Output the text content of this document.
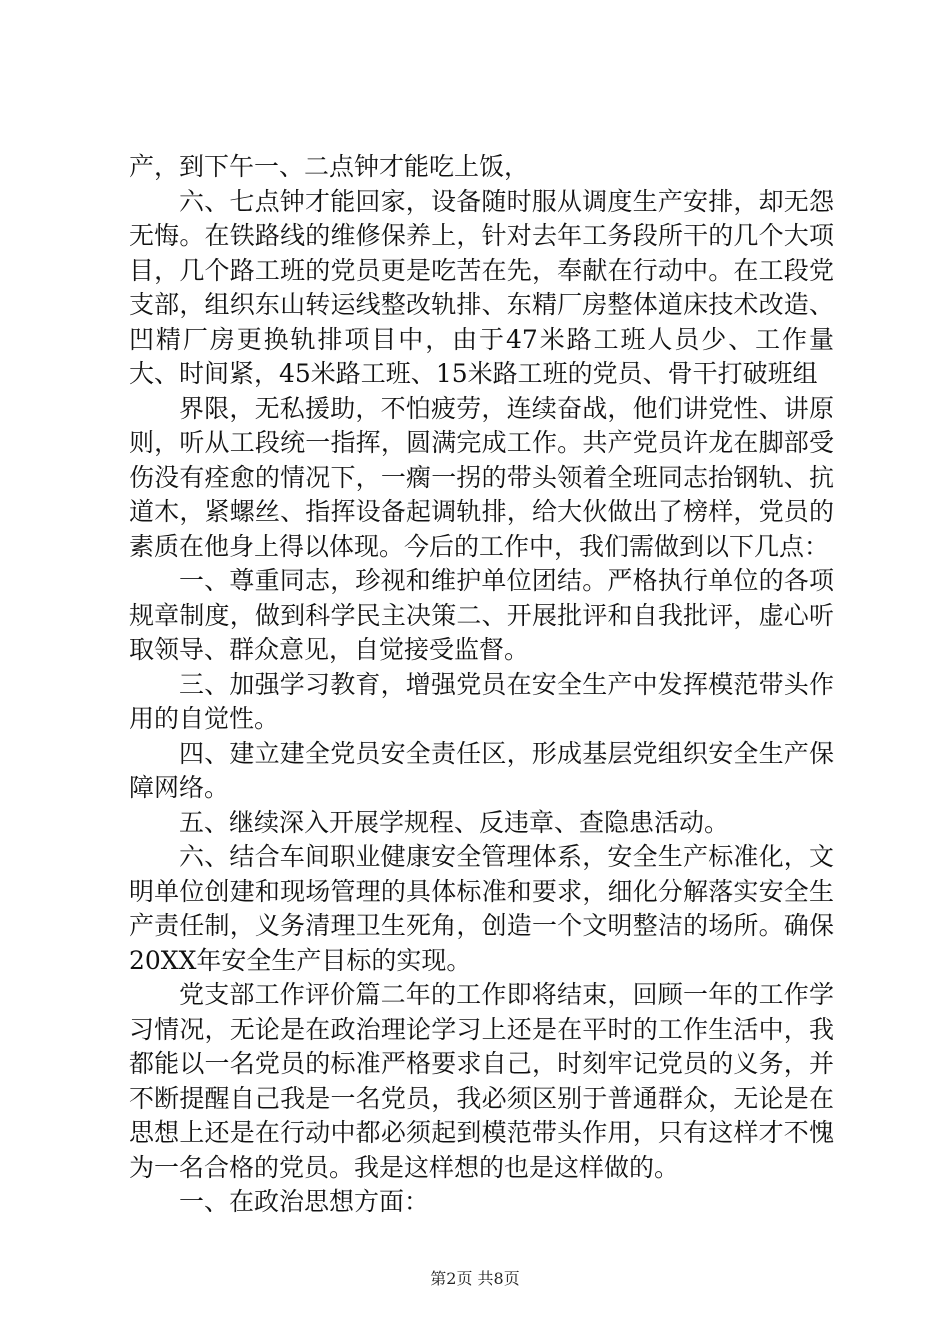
产，到下午一、二点钟才能吃上饭，

六、七点钟才能回家，设备随时服从调度生产安排，却无怨无悔。在铁路线的维修保养上，针对去年工务段所干的几个大项目，几个路工班的党员更是吃苦在先，奉献在行动中。在工段党支部，组织东山转运线整改轨排、东精厂房整体道床技术改造、凹精厂房更换轨排项目中，由于47米路工班人员少、工作量大、时间紧，45米路工班、15米路工班的党员、骨干打破班组

界限，无私援助，不怕疲劳，连续奋战，他们讲党性、讲原则，听从工段统一指挥，圆满完成工作。共产党员许龙在脚部受伤没有痊愈的情况下，一瘸一拐的带头领着全班同志抬钢轨、抗道木，紧螺丝、指挥设备起调轨排，给大伙做出了榜样，党员的素质在他身上得以体现。今后的工作中，我们需做到以下几点：

一、尊重同志，珍视和维护单位团结。严格执行单位的各项规章制度，做到科学民主决策二、开展批评和自我批评，虚心听取领导、群众意见，自觉接受监督。

三、加强学习教育，增强党员在安全生产中发挥模范带头作用的自觉性。

四、建立建全党员安全责任区，形成基层党组织安全生产保障网络。

五、继续深入开展学规程、反违章、查隐患活动。

六、结合车间职业健康安全管理体系，安全生产标准化，文明单位创建和现场管理的具体标准和要求，细化分解落实安全生产责任制，义务清理卫生死角，创造一个文明整洁的场所。确保20XX年安全生产目标的实现。

党支部工作评价篇二年的工作即将结束，回顾一年的工作学习情况，无论是在政治理论学习上还是在平时的工作生活中，我都能以一名党员的标准严格要求自己，时刻牢记党员的义务，并不断提醒自己我是一名党员，我必须区别于普通群众，无论是在思想上还是在行动中都必须起到模范带头作用，只有这样才不愧为一名合格的党员。我是这样想的也是这样做的。

一、在政治思想方面：

第2页 共8页
